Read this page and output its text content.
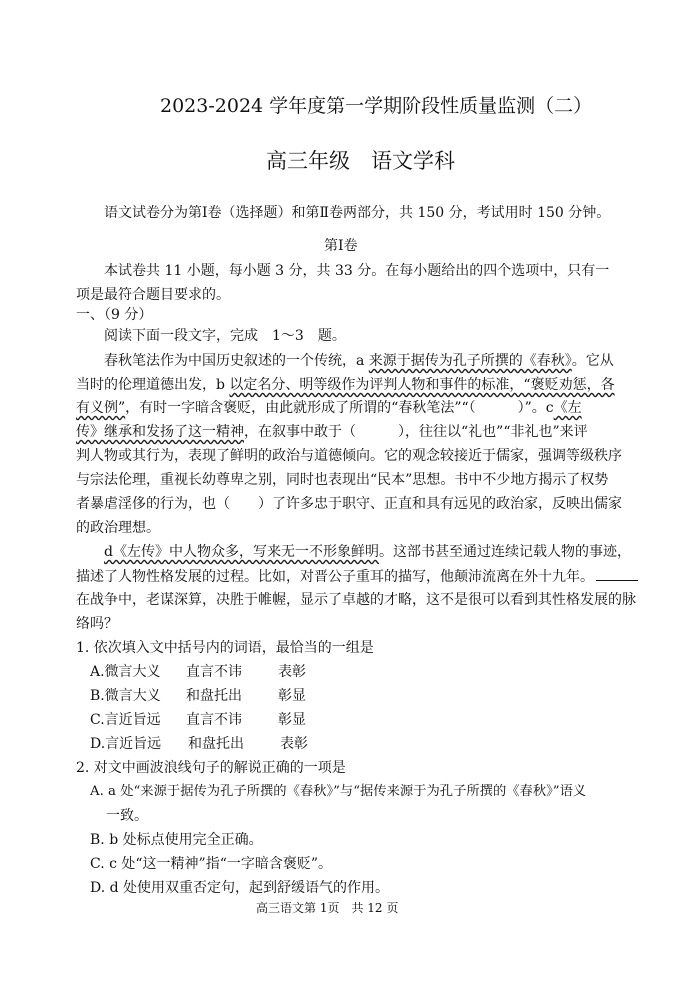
2023-2024 学年度第一学期阶段性质量监测（二）
高三年级　语文学科
语文试卷分为第Ⅰ卷（选择题）和第Ⅱ卷两部分，共 150 分，考试用时 150 分钟。
第Ⅰ卷
本试卷共 11 小题，每小题 3 分，共 33 分。在每小题给出的四个选项中，只有一
项是最符合题目要求的。
一、（9 分）
阅读下面一段文字，完成　1～3　题。
春秋笔法作为中国历史叙述的一个传统，a 来源于据传为孔子所撰的《春秋》。它从
当时的伦理道德出发，b 以定名分、明等级作为评判人物和事件的标准，“褒贬劝惩，各
有义例”，有时一字暗含褒贬，由此就形成了所谓的“春秋笔法”“（　　　）”。c《左
传》继承和发扬了这一精神，在叙事中敢于（　　　），往往以“礼也”“非礼也”来评
判人物或其行为，表现了鲜明的政治与道德倾向。它的观念较接近于儒家，强调等级秩序
与宗法伦理，重视长幼尊卑之别，同时也表现出“民本”思想。书中不少地方揭示了权势
者暴虐淫侈的行为，也（　　）了许多忠于职守、正直和具有远见的政治家，反映出儒家
的政治理想。
d《左传》中人物众多，写来无一不形象鲜明。这部书甚至通过连续记载人物的事迹，
描述了人物性格发展的过程。比如，对晋公子重耳的描写，他颠沛流离在外十九年。
在战争中，老谋深算，决胜于帷幄，显示了卓越的才略，这不是很可以看到其性格发展的脉
络吗？
1. 依次填入文中括号内的词语，最恰当的一组是
A.微言大义 直言不讳	表彰
B.微言大义 和盘托出	彰显
C.言近旨远 直言不讳	彰显
D.言近旨远 和盘托出	表彰
2. 对文中画波浪线句子的解说正确的一项是
A. a 处“来源于据传为孔子所撰的《春秋》”与“据传来源于为孔子所撰的《春秋》”语义
一致。
B. b 处标点使用完全正确。
C. c 处“这一精神”指“一字暗含褒贬”。
D. d 处使用双重否定句，起到舒缓语气的作用。
高三语文第 1页　共 12 页
